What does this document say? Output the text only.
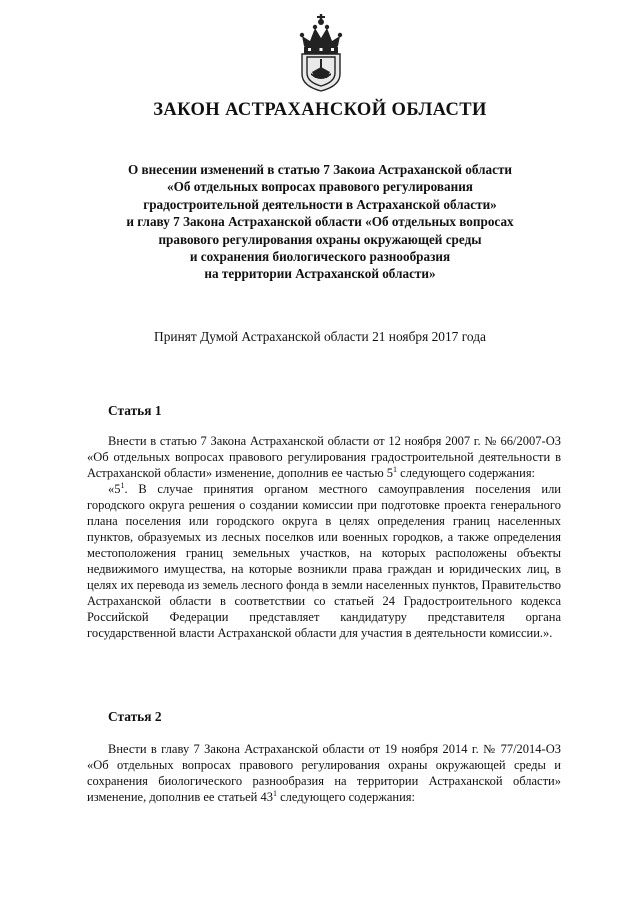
ЗАКОН АСТРАХАНСКОЙ ОБЛАСТИ
О внесении изменений в статью 7 Закоиа Астраханской области
«Об отдельных вопросах правового регулирования
градостроительной деятельности в Астраханской области»
и главу 7 Закона Астраханской области «Об отдельных вопросах
правового регулирования охраны окружающей среды
и сохранения биологического разнообразия
на территории Астраханской области»
Принят Думой Астраханской области 21 ноября 2017 года
Статья 1

Внести в статью 7 Закона Астраханской области от 12 ноября 2007 г. № 66/2007-ОЗ «Об отдельных вопросах правового регулирования градостроительной деятельности в Астраханской области» изменение, дополнив ее частью $5^1$ следующего содержания:

«$5^1$. В случае принятия органом местного самоуправления поселения или городского округа решения о создании комиссии при подготовке проекта генерального плана поселения или городского округа в целях определения границ населенных пунктов, образуемых из лесных поселков или военных городков, а также определения местоположения границ земельных участков, на которых расположены объекты недвижимого имущества, на которые возникли права граждан и юридических лиц, в целях их перевода из земель лесного фонда в земли населенных пунктов, Правительство Астраханской области в соответствии со статьей 24 Градостроительного кодекса Российской Федерации представляет кандидатуру представителя органа государственной власти Астраханской области для участия в деятельности комиссии.».

Статья 2

Внести в главу 7 Закона Астраханской области от 19 ноября 2014 г. № 77/2014-ОЗ «Об отдельных вопросах правового регулирования охраны окружающей среды и сохранения биологического разнообразия на территории Астраханской области» изменение, дополнив ее статьей $43^1$ следующего содержания:
